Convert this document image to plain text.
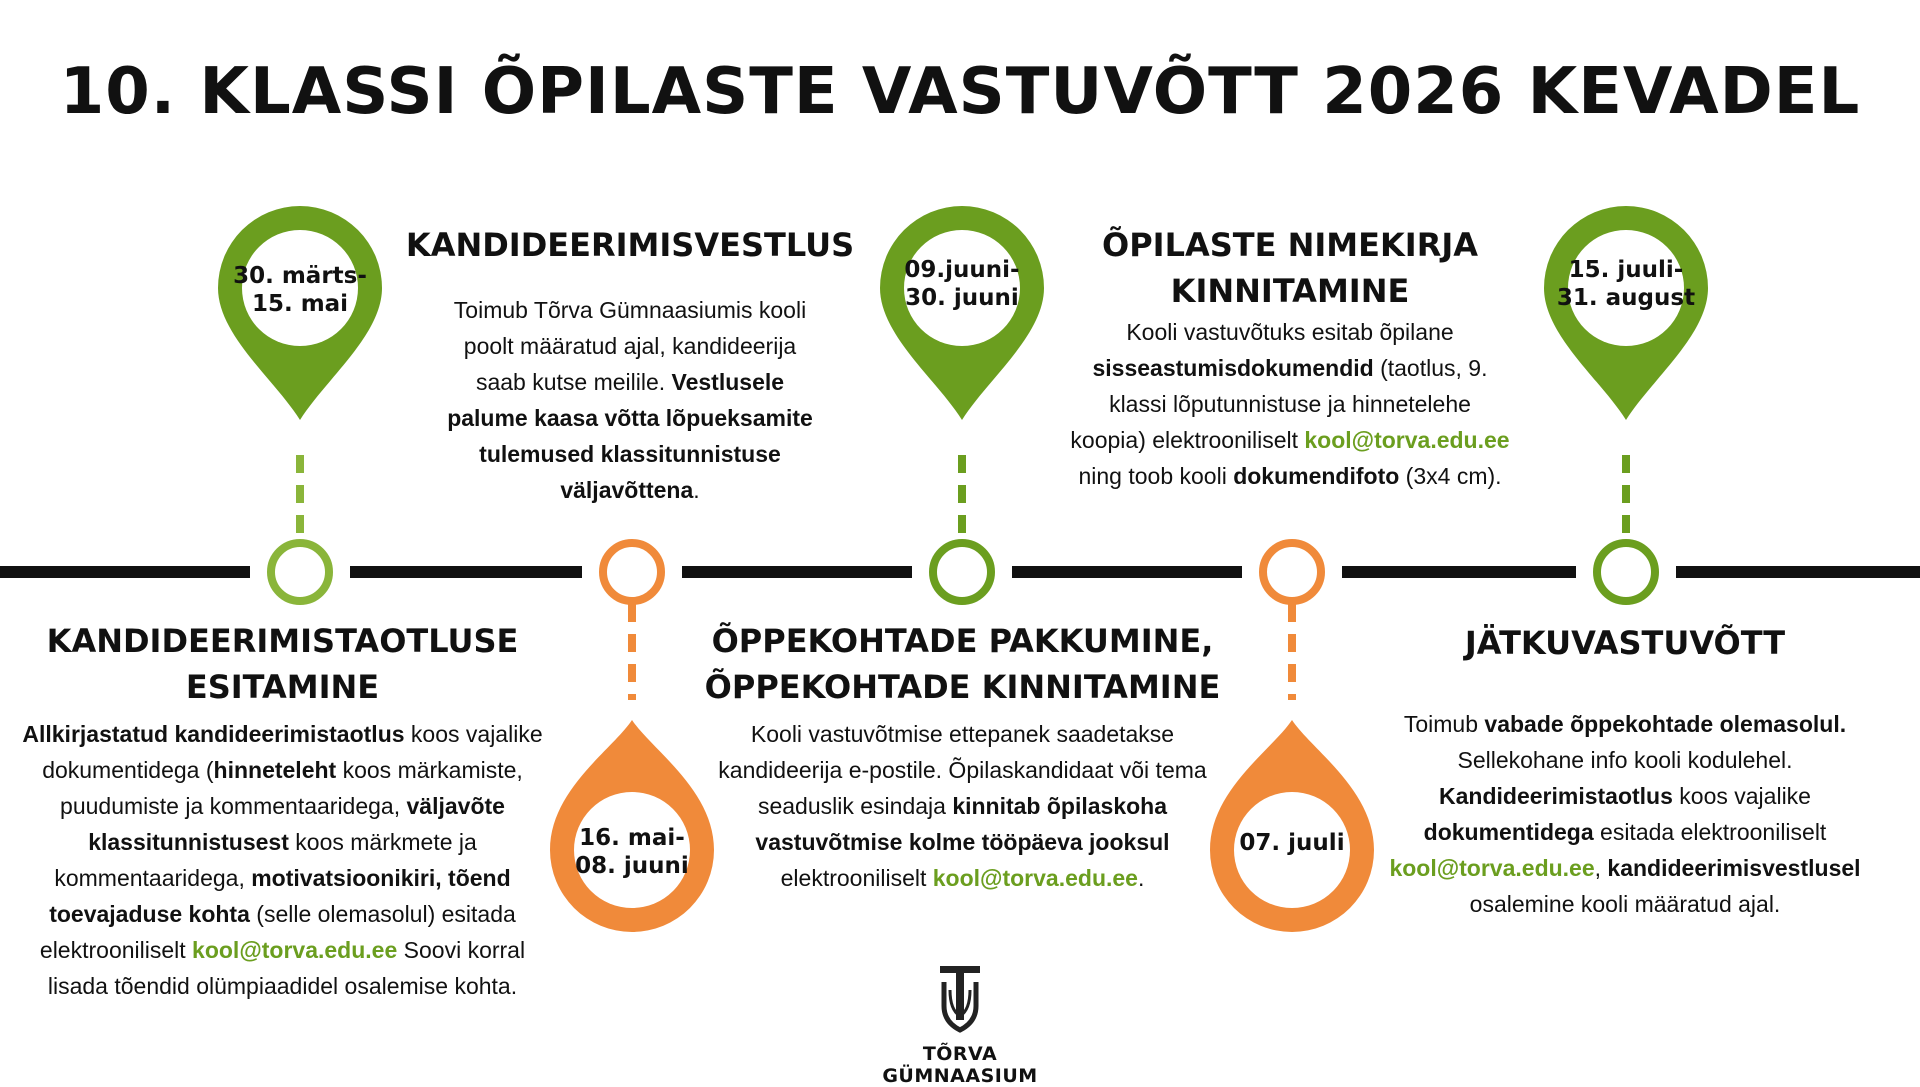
10. KLASSI ÕPILASTE VASTUVÕTT 2026 KEVADEL
30. märts-
15. mai
16. mai-
08. juuni
09.juuni-
30. juuni
07. juuli
15. juuli-
31. august
KANDIDEERIMISTAOTLUSE
ESITAMINE

Allkirjastatud kandideerimistaotlus koos vajalike dokumentidega (hinneteleht koos märkamiste, puudumiste ja kommentaaridega, väljavõte klassitunnistusest koos märkmete ja kommentaaridega, motivatsioonikiri, tõend toevajaduse kohta (selle olemasolul) esitada elektrooniliselt kool@torva.edu.ee Soovi korral lisada tõendid olümpiaadidel osalemise kohta.

KANDIDEERIMISVESTLUS

Toimub Tõrva Gümnaasiumis kooli poolt määratud ajal, kandideerija saab kutse meilile. Vestlusele palume kaasa võtta lõpueksamite tulemused klassitunnistuse väljavõttena.

ÕPPEKOHTADE PAKKUMINE,
ÕPPEKOHTADE KINNITAMINE

Kooli vastuvõtmise ettepanek saadetakse kandideerija e-postile. Õpilaskandidaat või tema seaduslik esindaja kinnitab õpilaskoha vastuvõtmise kolme tööpäeva jooksul elektrooniliselt kool@torva.edu.ee.

ÕPILASTE NIMEKIRJA
KINNITAMINE

Kooli vastuvõtuks esitab õpilane sisseastumisdokumendid (taotlus, 9. klassi lõputunnistuse ja hinnetelehe koopia) elektrooniliselt kool@torva.edu.ee ning toob kooli dokumendifoto (3x4 cm).

JÄTKUVASTUVÕTT

Toimub vabade õppekohtade olemasolul. Sellekohane info kooli kodulehel. Kandideerimistaotlus koos vajalike dokumentidega esitada elektrooniliselt kool@torva.edu.ee, kandideerimisvestlusel osalemine kooli määratud ajal.

TÕRVA GÜMNAASIUM
